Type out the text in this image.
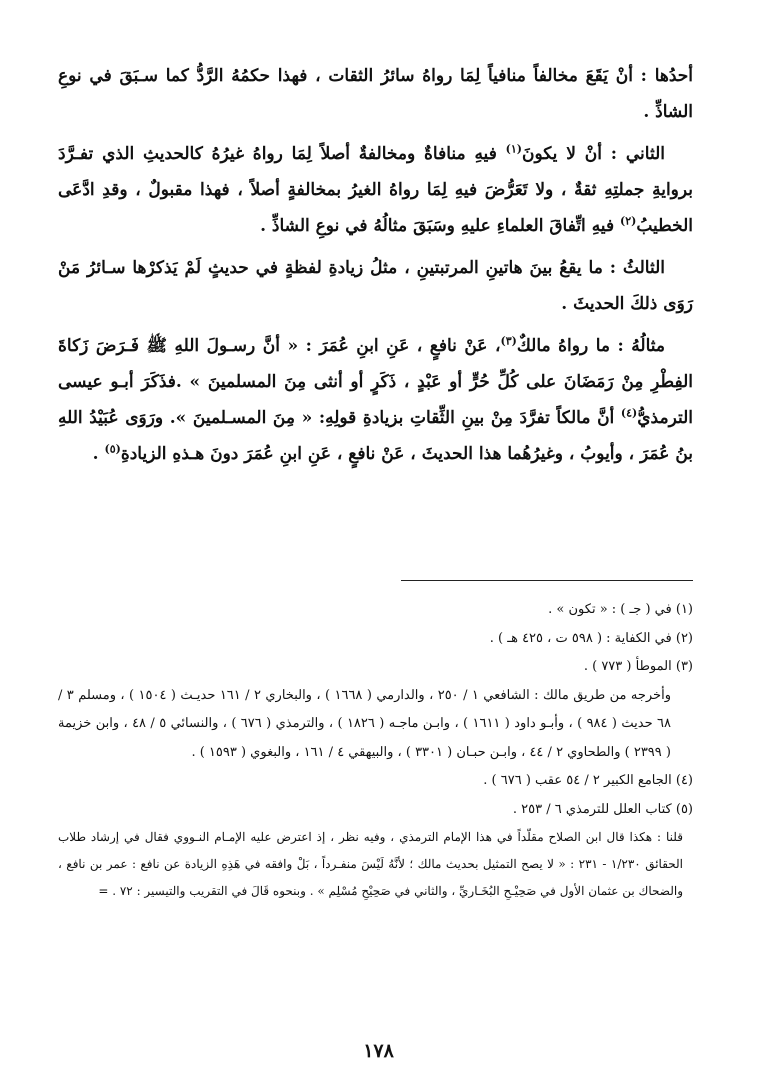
أحدُها : أنْ يَقَعَ مخالفاً منافياً لِمَا رواهُ سائرُ الثقات ، فهذا حكمُهُ الرَّدُّ كما سـبَقَ في نوعِ الشاذِّ .

الثاني : أنْ لا يكونَ$^{(١)}$ فيهِ منافاةٌ ومخالفةٌ أصلاً لِمَا رواهُ غيرُهُ كالحديثِ الذي تفـرَّدَ بروايةِ جملتِهِ ثقةٌ ، ولا تَعَرُّضَ فيهِ لِمَا رواهُ الغيرُ بمخالفةٍ أصلاً ، فهذا مقبولٌ ، وقدِ ادَّعَى الخطيبُ$^{(٢)}$ فيهِ اتِّفاقَ العلماءِ عليهِ وسَبَقَ مثالُهُ في نوعِ الشاذِّ .

الثالثُ : ما يقعُ بينَ هاتينِ المرتبتينِ ، مثلُ زيادةِ لفظةٍ في حديثٍ لَمْ يَذكرْها سـائرُ مَنْ رَوَى ذلكَ الحديثَ .

مثالُهُ : ما رواهُ مالكٌ$^{(٣)}$، عَنْ نافعٍ ، عَنِ ابنِ عُمَرَ : « أنَّ رسـولَ اللهِ ﷺ فَـرَضَ زَكاةَ الفِطْرِ مِنْ رَمَضَانَ على كُلِّ حُرٍّ أو عَبْدٍ ، ذَكَرٍ أو أنثى مِنَ المسلمينَ » .فذَكَرَ أبـو عيسى الترمذيُّ$^{(٤)}$ أنَّ مالكاً تفرَّدَ مِنْ بينِ الثِّقاتِ بزيادةِ قولِهِ: « مِنَ المسـلمينَ ». ورَوَى عُبَيْدُ اللهِ بنُ عُمَرَ ، وأيوبُ ، وغيرُهُما هذا الحديثَ ، عَنْ نافعٍ ، عَنِ ابنِ عُمَرَ دونَ هـذهِ الزيادةِ$^{(٥)}$ .

(١) في ( جـ ) : « تكون » .
(٢) في الكفاية : ( ٥٩٨ ت ، ٤٢٥ هـ ) .
(٣) الموطأ ( ٧٧٣ ) .
وأخرجه من طريق مالك : الشافعي ١ / ٢٥٠ ، والدارمي ( ١٦٦٨ ) ، والبخاري ٢ / ١٦١ حديـث ( ١٥٠٤ ) ، ومسلم ٣ / ٦٨ حديث ( ٩٨٤ ) ، وأبـو داود ( ١٦١١ ) ، وابـن ماجـه ( ١٨٢٦ ) ، والترمذي ( ٦٧٦ ) ، والنسائي ٥ / ٤٨ ، وابن خزيمة ( ٢٣٩٩ ) والطحاوي ٢ / ٤٤ ، وابـن حبـان ( ٣٣٠١ ) ، والبيهقي ٤ / ١٦١ ، والبغوي ( ١٥٩٣ ) .
(٤) الجامع الكبير ٢ / ٥٤ عقب ( ٦٧٦ ) .
(٥) كتاب العلل للترمذي ٦ / ٢٥٣ .
قلنا : هكذا قال ابن الصلاح مقلّداً في هذا الإمام الترمذي ، وفيه نظر ، إذ اعترض عليه الإمـام النـووي فقال في إرشاد طلاب الحقائق ١/٢٣٠ - ٢٣١ : « لا يصح التمثيل بحديث مالك ؛ لأنَّهُ لَيْسَ منفـرداً ، بَلْ وافقه في هَذِهِ الزيادة عن نافع : عمر بن نافع ، والضحاك بن عثمان الأول في صَحِيْـحِ البُخَـاريِّ ، والثاني في صَحِيْحِ مُسْلِم » . وبنحوه قَالَ في التقريب والتيسير : ٧٢ . =
١٧٨
